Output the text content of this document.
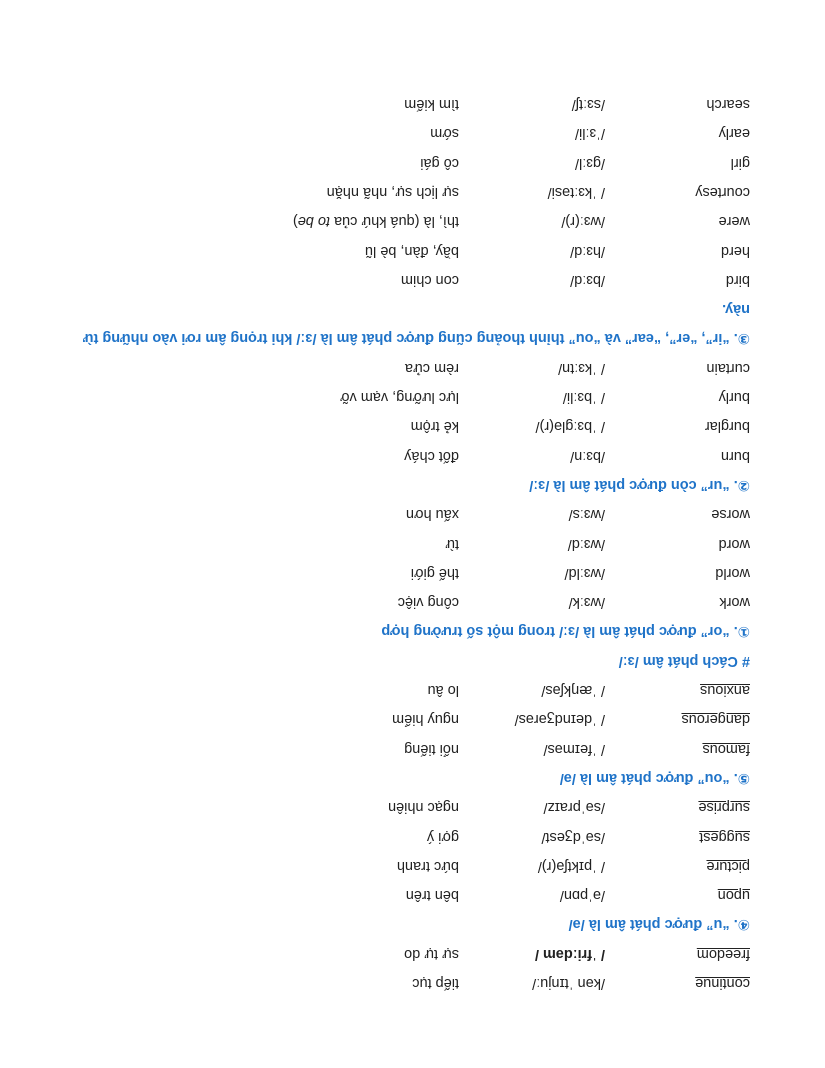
continue
/kən ˈtɪnjuː/
tiếp tục
freedom
/ ˈfriːdəm /
sự tự do
④. “u” được phát âm là /ə/
upon
/əˈpɒn/
bên trên
picture
/ ˈpɪktʃə(r)/
bức tranh
suggest
/səˈdʒest/
gợi ý
surprise
/səˈpraɪz/
ngạc nhiên
⑤. “ou” được phát âm là /ə/
famous
/ ˈfeɪməs/
nổi tiếng
dangerous
/ ˈdeɪndʒərəs/
nguy hiểm
anxious
/ ˈæŋkʃəs/
lo âu
# Cách phát âm /ɜː/
①. “or” được phát âm là /ɜː/ trong một số trường hợp
work
/wɜːk/
công việc
world
/wɜːld/
thế giới
word
/wɜːd/
từ
worse
/wɜːs/
xấu hơn
②. “ur” còn được phát âm là /ɜː/
burn
/bɜːn/
đốt cháy
burglar
/ ˈbɜːglə(r)/
kẻ trộm
burly
/ ˈbɜːli/
lực lưỡng, vạm vỡ
curtain
/ ˈkɜːtn/
rèm cửa
③. “ir”, “er”, “ear” và “ou” thỉnh thoảng cũng được phát âm là /ɜː/ khi trọng âm rơi vào những từ này.
bird
/bɜːd/
con chim
herd
/hɜːd/
bầy, đàn, bè lũ
were
/wɜː(r)/
thì, là (quá khứ của to be)
courtesy
/ ˈkɜːtəsi/
sự lịch sự, nhã nhặn
girl
/gɜːl/
cô gái
early
/ˈɜːli/
sớm
search
/sɜːtʃ/
tìm kiếm
